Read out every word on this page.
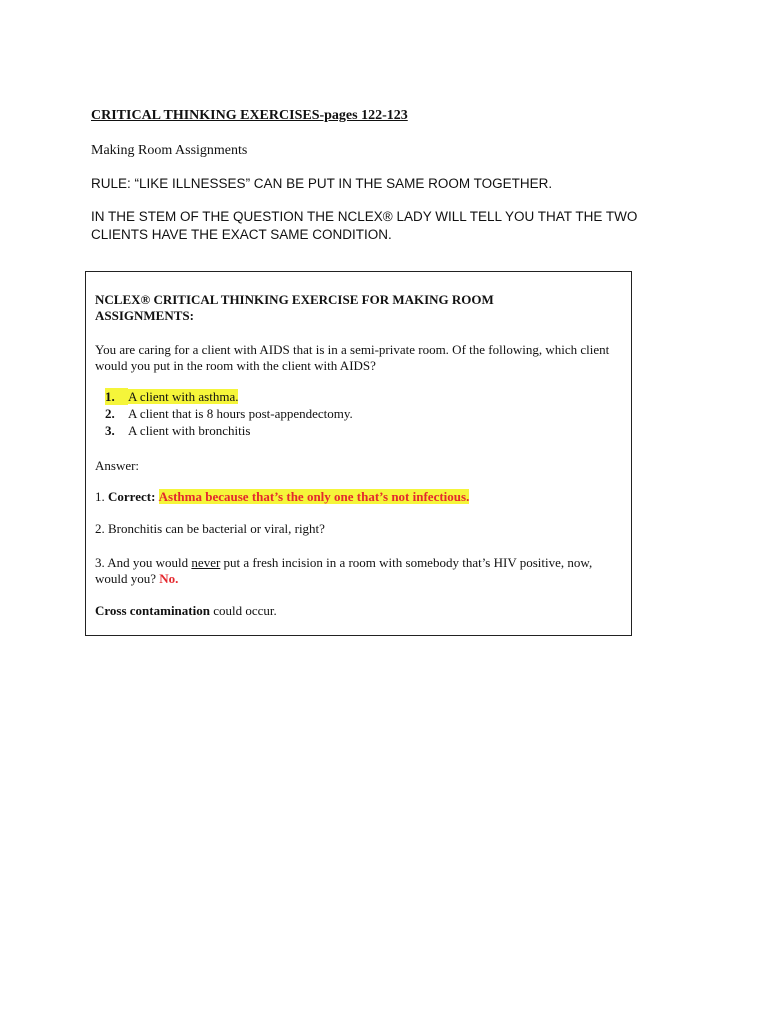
CRITICAL THINKING EXERCISES-pages 122-123
Making Room Assignments
RULE: “LIKE ILLNESSES” CAN BE PUT IN THE SAME ROOM TOGETHER.
IN THE STEM OF THE QUESTION THE NCLEX® LADY WILL TELL YOU THAT THE TWO CLIENTS HAVE THE EXACT SAME CONDITION.
NCLEX® CRITICAL THINKING EXERCISE FOR MAKING ROOM ASSIGNMENTS:
You are caring for a client with AIDS that is in a semi-private room. Of the following, which client would you put in the room with the client with AIDS?
1. A client with asthma.
2. A client that is 8 hours post-appendectomy.
3. A client with bronchitis
Answer:
1. Correct: Asthma because that’s the only one that’s not infectious.
2. Bronchitis can be bacterial or viral, right?
3. And you would never put a fresh incision in a room with somebody that’s HIV positive, now, would you? No.
Cross contamination could occur.
